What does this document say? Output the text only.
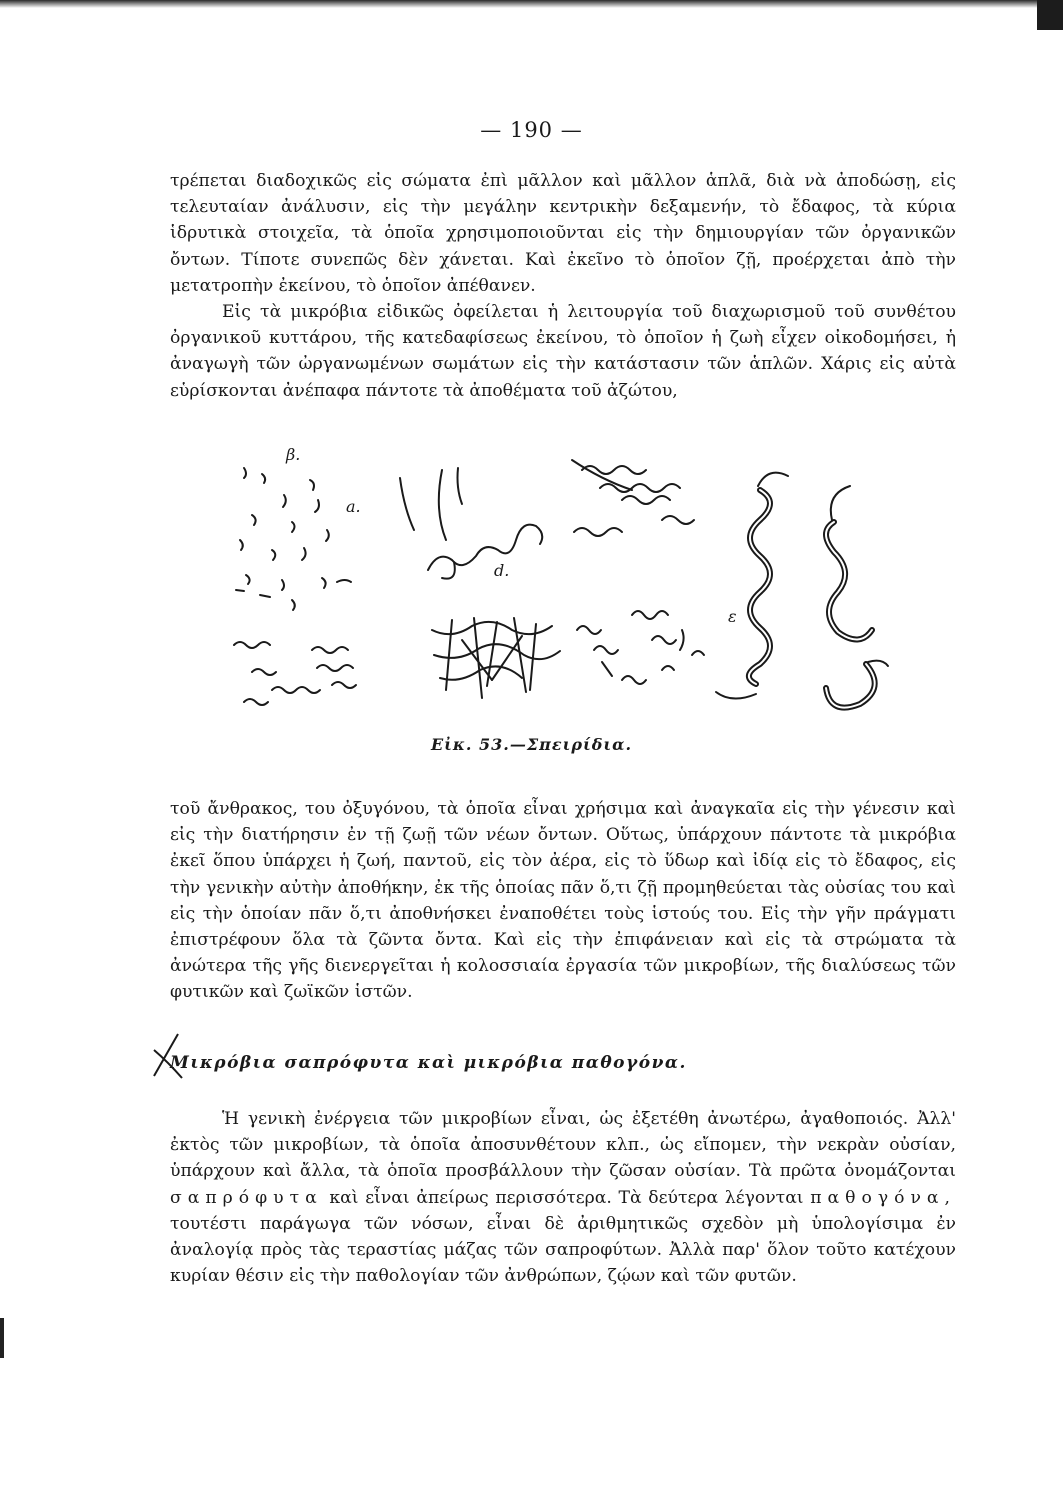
— 190 —

τρέπεται διαδοχικῶς εἰς σώματα ἐπὶ μᾶλλον καὶ μᾶλλον ἁπλᾶ, διὰ νὰ ἀποδώσῃ, εἰς τελευταίαν ἀνάλυσιν, εἰς τὴν μεγάλην κεντρικὴν δεξαμενήν, τὸ ἔδαφος, τὰ κύρια ἱδρυτικὰ στοιχεῖα, τὰ ὁποῖα χρησιμοποιοῦνται εἰς τὴν δημιουργίαν τῶν ὀργανικῶν ὄντων. Τίποτε συνεπῶς δὲν χάνεται. Καὶ ἐκεῖνο τὸ ὁποῖον ζῇ, προέρχεται ἀπὸ τὴν μετατροπὴν ἐκείνου, τὸ ὁποῖον ἀπέθανεν.

Εἰς τὰ μικρόβια εἰδικῶς ὀφείλεται ἡ λειτουργία τοῦ διαχωρισμοῦ τοῦ συνθέτου ὀργανικοῦ κυττάρου, τῆς κατεδαφίσεως ἐκείνου, τὸ ὁποῖον ἡ ζωὴ εἶχεν οἰκοδομήσει, ἡ ἀναγωγὴ τῶν ὠργανωμένων σωμάτων εἰς τὴν κατάστασιν τῶν ἁπλῶν. Χάρις εἰς αὐτὰ εὑρίσκονται ἀνέπαφα πάντοτε τὰ ἀποθέματα τοῦ ἀζώτου,

β.
a.
d.
ε
Εἰκ. 53.—Σπειρίδια.

τοῦ ἄνθρακος, του ὀξυγόνου, τὰ ὁποῖα εἶναι χρήσιμα καὶ ἀναγκαῖα εἰς τὴν γένεσιν καὶ εἰς τὴν διατήρησιν ἐν τῇ ζωῇ τῶν νέων ὄντων. Οὕτως, ὑπάρχουν πάντοτε τὰ μικρόβια ἐκεῖ ὅπου ὑπάρχει ἡ ζωή, παντοῦ, εἰς τὸν ἀέρα, εἰς τὸ ὕδωρ καὶ ἰδίᾳ εἰς τὸ ἔδαφος, εἰς τὴν γενικὴν αὐτὴν ἀποθήκην, ἐκ τῆς ὁποίας πᾶν ὅ,τι ζῇ προμηθεύεται τὰς οὐσίας του καὶ εἰς τὴν ὁποίαν πᾶν ὅ,τι ἀποθνήσκει ἐναποθέτει τοὺς ἱστούς του. Εἰς τὴν γῆν πράγματι ἐπιστρέφουν ὅλα τὰ ζῶντα ὄντα. Καὶ εἰς τὴν ἐπιφάνειαν καὶ εἰς τὰ στρώματα τὰ ἀνώτερα τῆς γῆς διενεργεῖται ἡ κολοσσιαία ἐργασία τῶν μικροβίων, τῆς διαλύσεως τῶν φυτικῶν καὶ ζωϊκῶν ἱστῶν.

Μικρόβια σαπρόφυτα καὶ μικρόβια παθογόνα.

Ἡ γενικὴ ἐνέργεια τῶν μικροβίων εἶναι, ὡς ἐξετέθη ἀνωτέρω, ἀγαθοποιός. Ἀλλ' ἐκτὸς τῶν μικροβίων, τὰ ὁποῖα ἀποσυνθέτουν κλπ., ὡς εἴπομεν, τὴν νεκρὰν οὐσίαν, ὑπάρχουν καὶ ἄλλα, τὰ ὁποῖα προσβάλλουν τὴν ζῶσαν οὐσίαν. Τὰ πρῶτα ὀνομάζονται σαπρόφυτα καὶ εἶναι ἀπείρως περισσότερα. Τὰ δεύτερα λέγονται παθογόνα, τουτέστι παράγωγα τῶν νόσων, εἶναι δὲ ἀριθμητικῶς σχεδὸν μὴ ὑπολογίσιμα ἐν ἀναλογίᾳ πρὸς τὰς τεραστίας μάζας τῶν σαπροφύτων. Ἀλλὰ παρ' ὅλον τοῦτο κατέχουν κυρίαν θέσιν εἰς τὴν παθολογίαν τῶν ἀνθρώπων, ζῴων καὶ τῶν φυτῶν.
